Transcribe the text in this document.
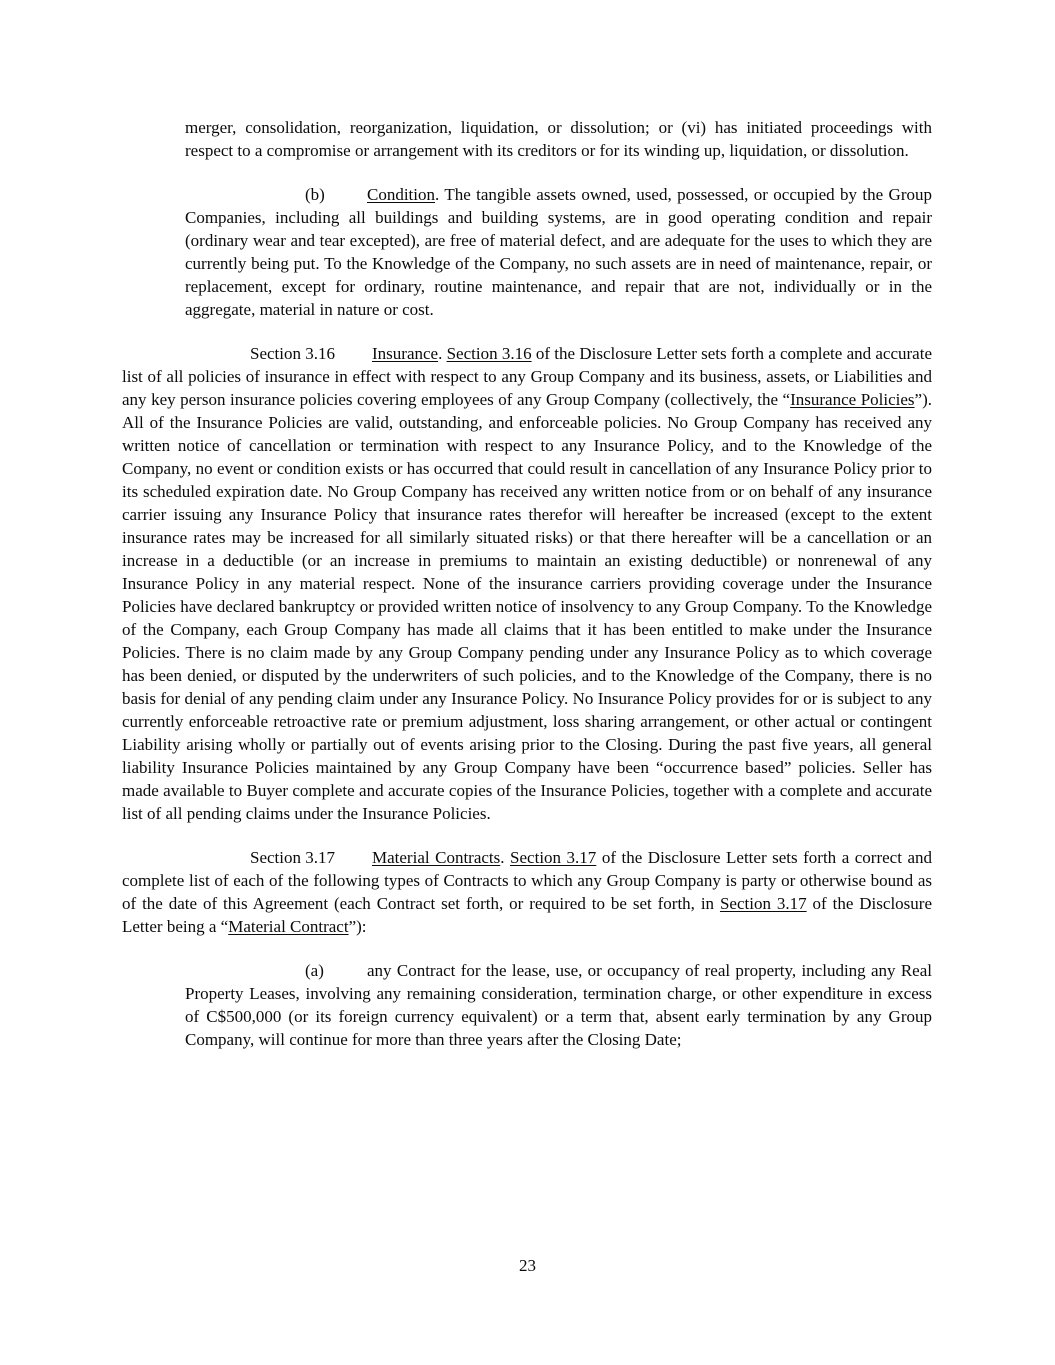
merger, consolidation, reorganization, liquidation, or dissolution; or (vi) has initiated proceedings with respect to a compromise or arrangement with its creditors or for its winding up, liquidation, or dissolution.

(b) Condition. The tangible assets owned, used, possessed, or occupied by the Group Companies, including all buildings and building systems, are in good operating condition and repair (ordinary wear and tear excepted), are free of material defect, and are adequate for the uses to which they are currently being put. To the Knowledge of the Company, no such assets are in need of maintenance, repair, or replacement, except for ordinary, routine maintenance, and repair that are not, individually or in the aggregate, material in nature or cost.

Section 3.16 Insurance. Section 3.16 of the Disclosure Letter sets forth a complete and accurate list of all policies of insurance in effect with respect to any Group Company and its business, assets, or Liabilities and any key person insurance policies covering employees of any Group Company (collectively, the “Insurance Policies”). All of the Insurance Policies are valid, outstanding, and enforceable policies. No Group Company has received any written notice of cancellation or termination with respect to any Insurance Policy, and to the Knowledge of the Company, no event or condition exists or has occurred that could result in cancellation of any Insurance Policy prior to its scheduled expiration date. No Group Company has received any written notice from or on behalf of any insurance carrier issuing any Insurance Policy that insurance rates therefor will hereafter be increased (except to the extent insurance rates may be increased for all similarly situated risks) or that there hereafter will be a cancellation or an increase in a deductible (or an increase in premiums to maintain an existing deductible) or nonrenewal of any Insurance Policy in any material respect. None of the insurance carriers providing coverage under the Insurance Policies have declared bankruptcy or provided written notice of insolvency to any Group Company. To the Knowledge of the Company, each Group Company has made all claims that it has been entitled to make under the Insurance Policies. There is no claim made by any Group Company pending under any Insurance Policy as to which coverage has been denied, or disputed by the underwriters of such policies, and to the Knowledge of the Company, there is no basis for denial of any pending claim under any Insurance Policy. No Insurance Policy provides for or is subject to any currently enforceable retroactive rate or premium adjustment, loss sharing arrangement, or other actual or contingent Liability arising wholly or partially out of events arising prior to the Closing. During the past five years, all general liability Insurance Policies maintained by any Group Company have been “occurrence based” policies. Seller has made available to Buyer complete and accurate copies of the Insurance Policies, together with a complete and accurate list of all pending claims under the Insurance Policies.

Section 3.17 Material Contracts. Section 3.17 of the Disclosure Letter sets forth a correct and complete list of each of the following types of Contracts to which any Group Company is party or otherwise bound as of the date of this Agreement (each Contract set forth, or required to be set forth, in Section 3.17 of the Disclosure Letter being a “Material Contract”):

(a)	any Contract for the lease, use, or occupancy of real property, including any Real Property Leases, involving any remaining consideration, termination charge, or other expenditure in excess of C$500,000 (or its foreign currency equivalent) or a term that, absent early termination by any Group Company, will continue for more than three years after the Closing Date;

23
